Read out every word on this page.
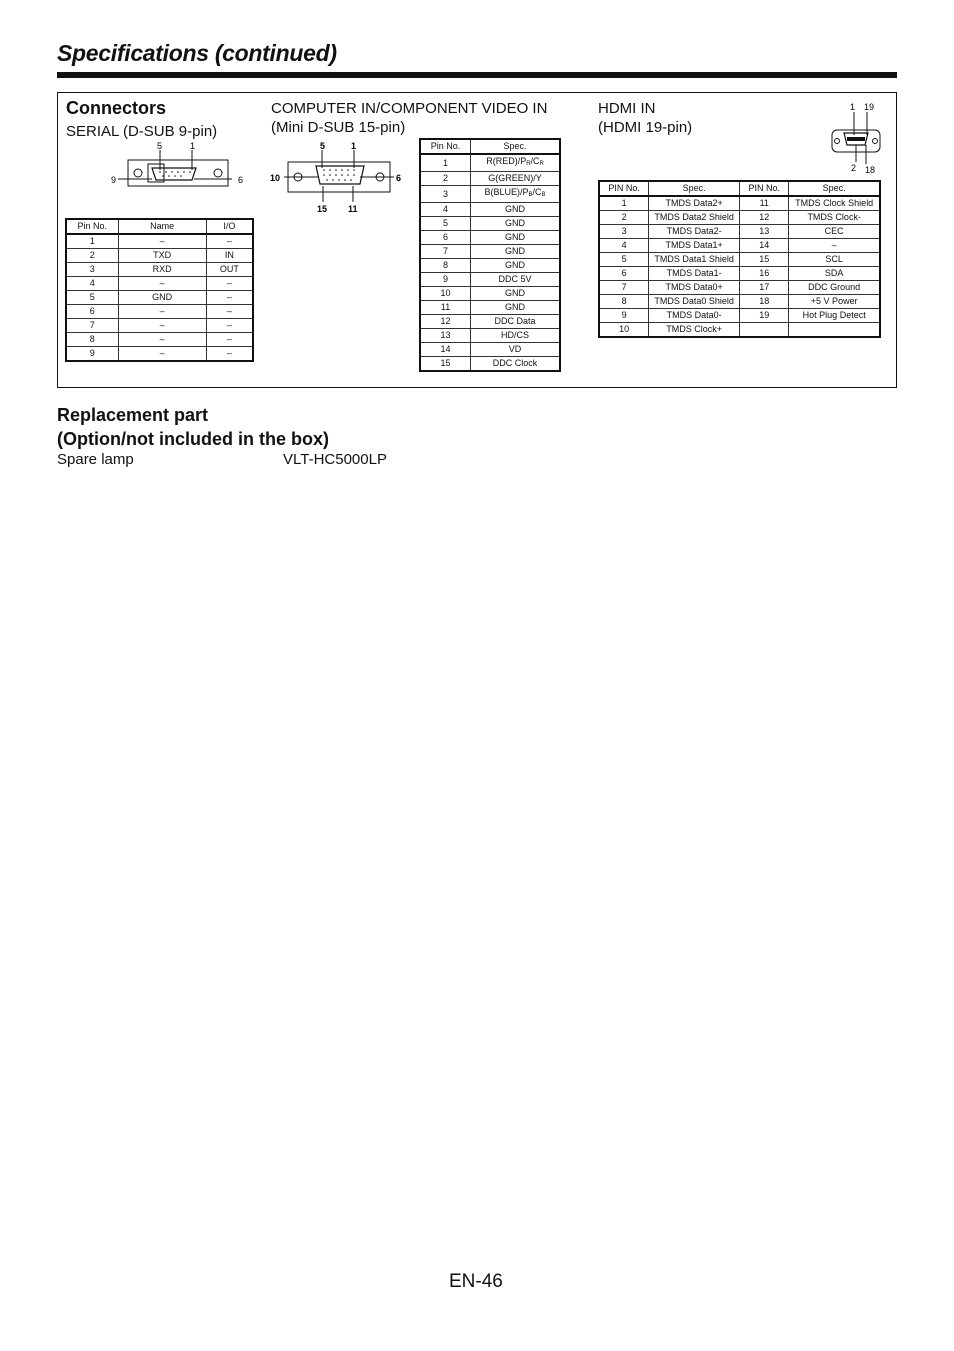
Specifications (continued)
Connectors
SERIAL (D-SUB 9-pin)
5	1
9	6
Pin No.	Name	I/O
1	–	–
2	TXD	IN
3	RXD	OUT
4	–	–
5	GND	–
6	–	–
7	–	–
8	–	–
9	–	–
COMPUTER IN/COMPONENT VIDEO IN
(Mini D-SUB 15-pin)
5	1
10	6
15 11
Pin No.	Spec.
1	$R(RED)/P_R/C_R$
2	G(GREEN)/Y
3	$B(BLUE)/P_B/C_B$
4	GND
5	GND
6	GND
7	GND
8	GND
9	DDC 5V
10	GND
11	GND
12	DDC Data
13	HD/CS
14	VD
15	DDC Clock
HDMI IN
(HDMI 19-pin)
1 19
2 18
PIN No.	Spec.	PIN No.	Spec.
1	TMDS Data2+	11	TMDS Clock Shield
2	TMDS Data2 Shield	12	TMDS Clock-
3	TMDS Data2-	13	CEC
4	TMDS Data1+	14	–
5	TMDS Data1 Shield	15	SCL
6	TMDS Data1-	16	SDA
7	TMDS Data0+	17	DDC Ground
8	TMDS Data0 Shield	18	+5 V Power
9	TMDS Data0-	19	Hot Plug Detect
10	TMDS Clock+		
Replacement part
(Option/not included in the box)
Spare lamp	VLT-HC5000LP
EN-46
